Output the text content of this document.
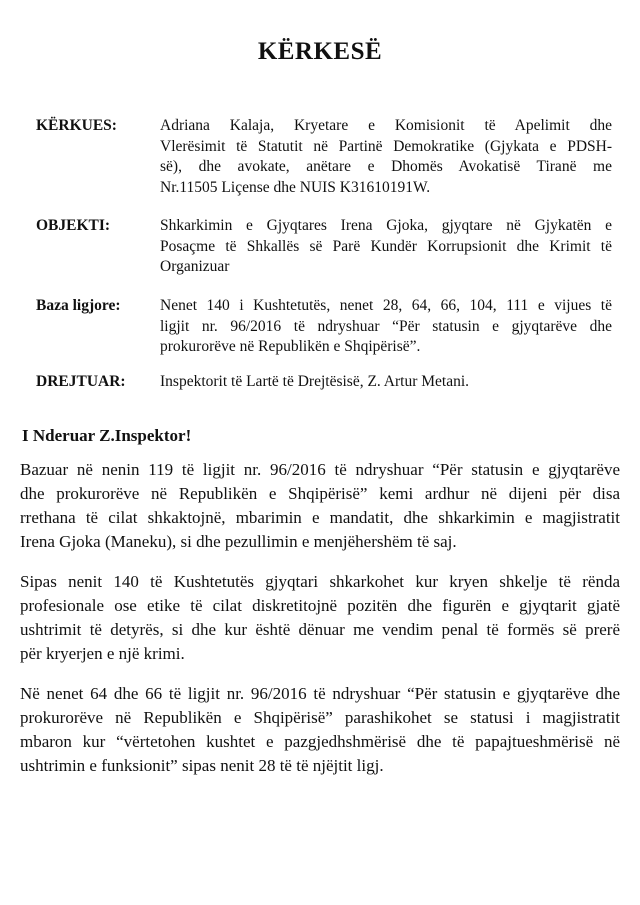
KËRKESË
KËRKUES:	Adriana Kalaja, Kryetare e Komisionit të Apelimit dhe
Vlerësimit të Statutit në Partinë Demokratike (Gjykata e PDSH-
së), dhe avokate, anëtare e Dhomës Avokatisë Tiranë me
Nr.11505 Liçense dhe NUIS K31610191W.
OBJEKTI:	Shkarkimin e Gjyqtares Irena Gjoka, gjyqtare në Gjykatën e
Posaçme të Shkallës së Parë Kundër Korrupsionit dhe Krimit të
Organizuar
Baza ligjore:	Nenet 140 i Kushtetutës, nenet 28, 64, 66, 104, 111 e vijues të
ligjit nr. 96/2016 të ndryshuar “Për statusin e gjyqtarëve dhe
prokurorëve në Republikën e Shqipërisë”.
DREJTUAR: Inspektorit të Lartë të Drejtësisë, Z. Artur Metani.
I Nderuar Z.Inspektor!
Bazuar në nenin 119 të ligjit nr. 96/2016 të ndryshuar “Për statusin e gjyqtarëve
dhe prokurorëve në Republikën e Shqipërisë” kemi ardhur në dijeni për disa
rrethana të cilat shkaktojnë, mbarimin e mandatit, dhe shkarkimin e magjistratit
Irena Gjoka (Maneku), si dhe pezullimin e menjëhershëm të saj.
Sipas nenit 140 të Kushtetutës gjyqtari shkarkohet kur kryen shkelje të rënda
profesionale ose etike të cilat diskretitojnë pozitën dhe figurën e gjyqtarit gjatë
ushtrimit të detyrës, si dhe kur është dënuar me vendim penal të formës së prerë
për kryerjen e një krimi.
Në nenet 64 dhe 66 të ligjit nr. 96/2016 të ndryshuar “Për statusin e gjyqtarëve dhe
prokurorëve në Republikën e Shqipërisë” parashikohet se statusi i magjistratit
mbaron kur “vërtetohen kushtet e pazgjedhshmërisë dhe të papajtueshmërisë në
ushtrimin e funksionit” sipas nenit 28 të të njëjtit ligj.
